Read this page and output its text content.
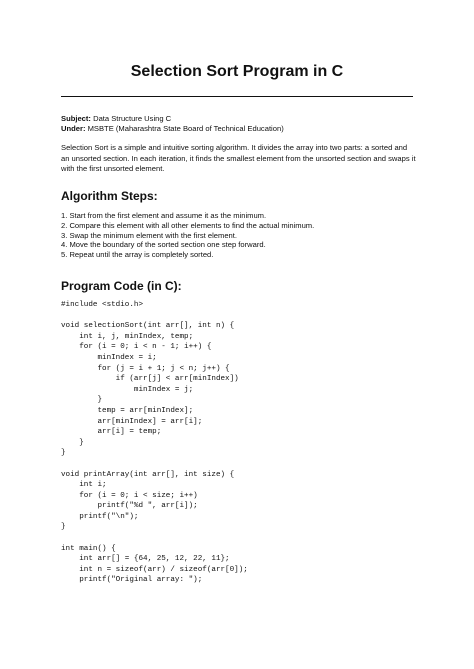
Selection Sort Program in C
Subject: Data Structure Using C
Under: MSBTE (Maharashtra State Board of Technical Education)
Selection Sort is a simple and intuitive sorting algorithm. It divides the array into two parts: a sorted and an unsorted section. In each iteration, it finds the smallest element from the unsorted section and swaps it with the first unsorted element.
Algorithm Steps:
1. Start from the first element and assume it as the minimum.
2. Compare this element with all other elements to find the actual minimum.
3. Swap the minimum element with the first element.
4. Move the boundary of the sorted section one step forward.
5. Repeat until the array is completely sorted.
Program Code (in C):
#include <stdio.h>
void selectionSort(int arr[], int n) {
int i, j, minIndex, temp;
for (i = 0; i < n - 1; i++) {
minIndex = i;
for (j = i + 1; j < n; j++) {
if (arr[j] < arr[minIndex])
minIndex = j;
}
temp = arr[minIndex];
arr[minIndex] = arr[i];
arr[i] = temp;
}
}
void printArray(int arr[], int size) {
int i;
for (i = 0; i < size; i++)
printf("%d ", arr[i]);
printf("\n");
}
int main() {
int arr[] = {64, 25, 12, 22, 11};
int n = sizeof(arr) / sizeof(arr[0]);
printf("Original array: ");
